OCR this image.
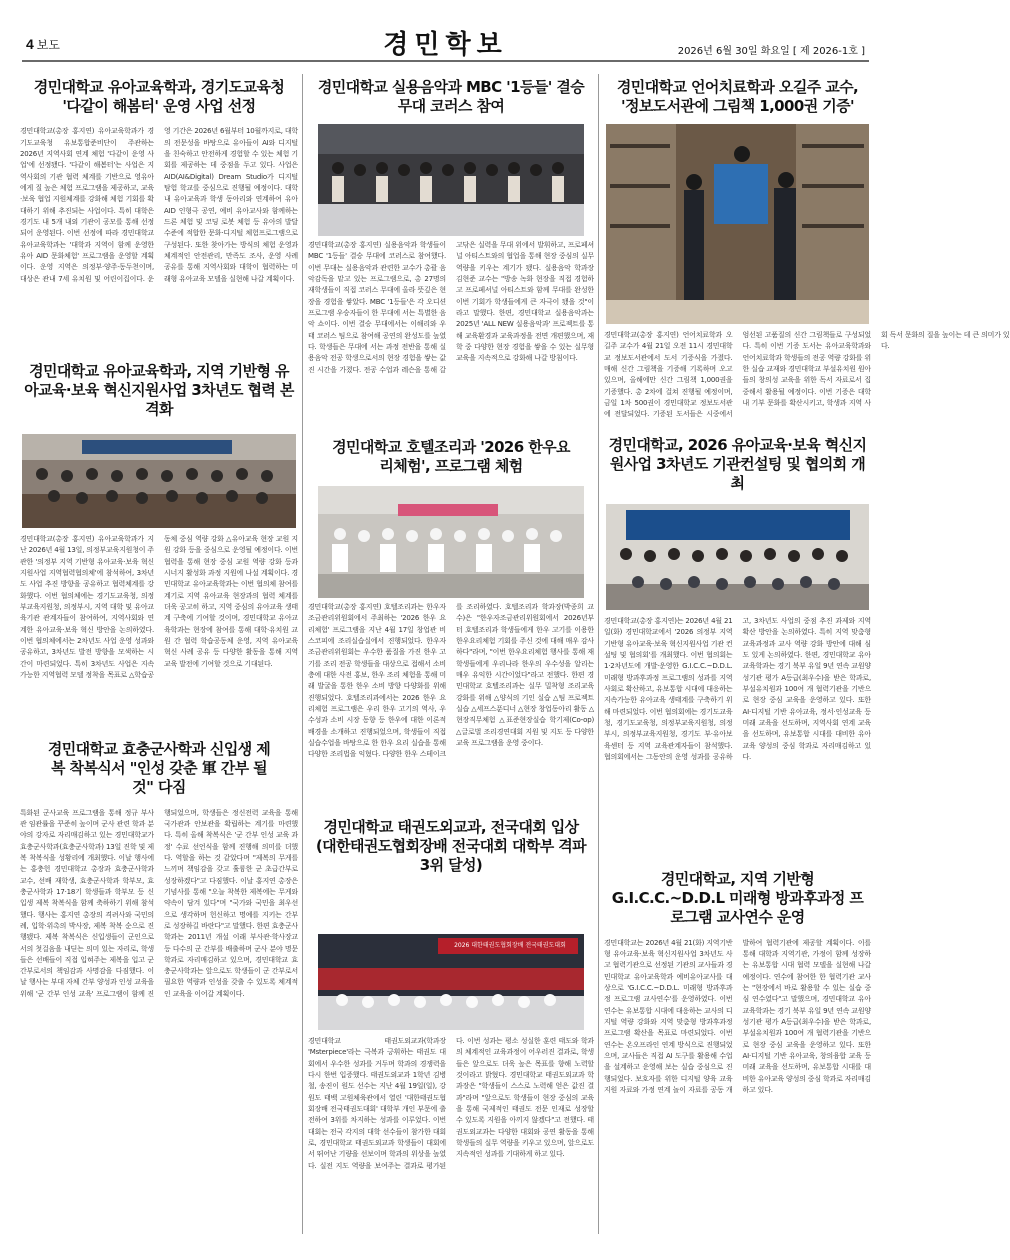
4 보도	경민학보	2026년 6월 30일 화요일 [ 제 2026-1호 ]
경민대학교 유아교육학과, 경기도교육청 '다같이 해봄터' 운영 사업 선정
경민대학교(총장 홍지연) 유아교육학과가 경기도교육청 유보통합준비단이 주관하는 2026년 지역사회 연계 체험 '다같이 운영 사업'에 선정됐다. '다같이 해봄터'는 사업은 지역사회의 기관 협력 체계를 기반으로 영유아에게 질 높은 체험 프로그램을 제공하고, 교육·보육 협업 지원체계를 강화해 체험 기회를 확대하기 위해 추진되는 사업이다. 특히 대학은 경기도 내 5개 내외 기관이 공모를 통해 선정되어 운영된다. 이번 선정에 따라 경민대학교 유아교육학과는 '대학과 지역이 함께 운영한 유아 AID 문화체험' 프로그램을 운영할 계획이다. 운영 지역은 의정부·양주·동두천이며, 대상은 관내 7세 유치원 및 어린이집이다. 운영 기간은 2026년 6월부터 10월까지로, 대학의 전문성을 바탕으로 유아들이 AI와 디지털을 친숙하고 안전하게 경험할 수 있는 체험 기회를 제공하는 데 중점을 두고 있다. 사업은 AID(AI&Digital) Dream Studio가 디지털 탐험 학교를 중심으로 진행될 예정이다. 대학 내 유아교육과 학생 동아리와 연계하여 유아 AID 인형극 공연, 예비 유아교사와 함께하는 드론 체험 및 코딩 로봇 체험 등 유아의 발달 수준에 적합한 문화·디지털 체험프로그램으로 구성된다. 또한 찾아가는 방식의 체험 운영과 체계적인 안전관리, 만족도 조사, 운영 사례 공유를 통해 지역사회와 대학이 협력하는 미래형 유아교육 모델을 실현해 나갈 계획이다.
경민대학교 유아교육학과, 지역 기반형 유아교육·보육 혁신지원사업 3차년도 협력 본격화
경민대학교(총장 홍지연) 유아교육학과가 지난 2026년 4월 13일, 의정부교육지원청이 주관한 '의정부 지역 기반형 유아교육·보육 혁신지원사업 지역협력협의체'에 참석하여, 3차년도 사업 추진 방향을 공유하고 협력체계를 강화했다. 이번 협의체에는 경기도교육청, 의정부교육지원청, 의정부시, 지역 대학 및 유아교육기관 관계자들이 참여하여, 지역사회와 연계한 유아교육·보육 혁신 방안을 논의하였다. 이번 협의체에서는 2차년도 사업 운영 성과와 공유하고, 3차년도 발전 방향을 모색하는 시간이 마련되었다. 특히 3차년도 사업은 지속가능한 지역협력 모델 정착을 목표로 △학습공동체 중심 역량 강화 △유아교육 현장 교원 지원 강화 등을 중심으로 운영될 예정이다. 이번 협력을 통해 현장 중심 교원 역량 강화 등과 시너지 활성화 과정 지원에 나설 계획이다. 경민대학교 유아교육학과는 이번 협의체 참여를 계기로 지역 유아교육 현장과의 협력 체계를 더욱 공고히 하고, 지역 중심의 유아교육 생태계 구축에 기여할 것이며, 경민대학교 유아교육학과는 현장에 참여를 통해 대학·유치원 교원 간 협력 학습공동체 운영, 지역 유아교육 혁신 사례 공유 등 다양한 활동을 통해 지역 교육 발전에 기여할 것으로 기대된다.
경민대학교 효충군사학과 신입생 제복 착복식서 "인성 갖춘 軍 간부 될 것" 다짐
특화된 군사교육 프로그램을 통해 정규 부사관 임관률을 꾸준히 높이며 군사 관련 학과 분야의 강자로 자리매김하고 있는 경민대학교가 효충군사학과(효충군사학과) 13일 진학 및 제복 착복식을 성황리에 개최했다. 이날 행사에는 홍충헌 경민대학교 총장과 효충군사학과 교수, 선배 재학생, 효충군사학과 학부모, 효충군사학과 17·18기 학생들과 학부모 등 신입생 제복 착복식을 함께 축하하기 위해 참석했다. 행사는 홍지연 총장의 격려사와 국민의례, 입학·위촉의 박사장, 제복 착복 순으로 진행됐다. 제복 착복식은 신입생들이 군인으로서의 첫걸음을 내딛는 의미 있는 자리로, 학생들은 선배들이 직접 입혀주는 제복을 입고 군 간부로서의 책임감과 사명감을 다짐했다. 이날 행사는 부대 자체 간부 양성과 인성 교육을 위해 '군 간부 인성 교육' 프로그램이 함께 진행되었으며, 학생들은 정신전력 교육을 통해 국가관과 안보관을 확립하는 계기를 마련했다. 특히 올해 착복식은 '군 간부 인성 교육 과정' 수료 선언식을 함께 진행해 의미를 더했다. 역할을 하는 것 같았다며 "제복의 무게를 느끼며 책임감을 갖고 훌륭한 군 초급간부로 성장하겠다"고 다짐했다. 이날 홍지연 총장은 기념사를 통해 "오늘 착복한 제복에는 무게와 약속이 담겨 있다"며 "국가와 국민을 최우선으로 생각하며 헌신하고 명예를 지키는 간부로 성장하길 바란다"고 말했다. 한편 효충군사학과는 2011년 개설 이래 부사관·학사장교 등 다수의 군 간부를 배출하며 군사 분야 명문 학과로 자리매김하고 있으며, 경민대학교 효충군사학과는 앞으로도 학생들이 군 간부로서 필요한 역량과 인성을 갖출 수 있도록 체계적인 교육을 이어갈 계획이다.
경민대학교 실용음악과 MBC '1등들' 결승 무대 코러스 참여
경민대학교(총장 홍지연) 실용음악과 학생들이 MBC '1등들' 결승 무대에 코러스로 참여했다. 이번 무대는 실용음악과 관련한 교수가 총괄 음악감독을 맡고 있는 프로그램으로, 총 27명의 재학생들이 직접 코러스 무대에 올라 뜻깊은 현장을 경험을 쌓았다. MBC '1등들'은 각 오디션 프로그램 우승자들이 한 무대에 서는 특별한 음악 쇼이다. 이번 결승 무대에서는 이해리와 우태 코러스 팀으로 참여해 공연의 완성도를 높였다. 학생들은 무대에 서는 과정 전반을 통해 실용음악 전공 학생으로서의 현장 경험을 쌓는 값진 시간을 가졌다. 전공 수업과 레슨을 통해 갈고닦은 실력을 무대 위에서 발휘하고, 프로페셔널 아티스트와의 협업을 통해 현장 중심의 실무 역량을 키우는 계기가 됐다. 실용음악 학과장 김현준 교수는 "방송 녹화 현장을 직접 경험하고 프로페셔널 아티스트와 함께 무대를 완성한 이번 기회가 학생들에게 큰 자극이 됐을 것"이라고 말했다. 한편, 경민대학교 실용음악과는 2025년 'ALL NEW 실용음악과' 프로젝트를 통해 교육환경과 교육과정을 전면 개편했으며, 재학 중 다양한 현장 경험을 쌓을 수 있는 실무형 교육을 지속적으로 강화해 나갈 방침이다.
경민대학교 호텔조리과 '2026 한우요리체험', 프로그램 체험
경민대학교(총장 홍지연) 호텔조리과는 한우자조금관리위원회에서 주최하는 '2026 한우 요리체험' 프로그램을 지난 4월 17일 창업관 비스코피에 조리실습실에서 진행되었다. 한우자조금관리위원회는 우수한 품질을 가진 한우 고기를 조리 전공 학생들을 대상으로 접해서 소비층에 대한 사전 홍보, 한우 조리 체험을 통해 미래 발굴을 통한 한우 소비 방향 다양화를 위해 진행되었다. 호텔조리과에서는 2026 한우 요리체험 프로그램은 우리 한우 고기의 역사, 우수성과 소비 시장 동향 등 한우에 대한 이론적 배경을 소개하고 진행되었으며, 학생들이 직접 실습수업을 바탕으로 한 한우 요리 실습을 통해 다양한 조리법을 익혔다. 다양한 한우 스테이크를 조리하였다. 호텔조리과 학과장(박종희 교수)은 "한우자조금관리위원회에서 2026년부터 호텔조리과 학생들에게 한우 고기를 이용한 한우요리체험 기회를 주신 것에 대해 매우 감사하다"라며, "이번 한우요리체험 행사를 통해 재학생들에게 우리나라 한우의 우수성을 알리는 매우 유익한 시간이었다"라고 전했다. 한편 경민대학교 호텔조리과는 실무 밀착형 조리교육 강화를 위해 △양식의 기인 실습 △팀 프로젝트 실습 △세프스푼디너 △현장 창업동아리 활동 △현장직무체험 △표준현장실습 학기제(Co-op) △글로벌 조리경연대회 지원 및 지도 등 다양한 교육 프로그램을 운영 중이다.
경민대학교 태권도외교과, 전국대회 입상 (대한태권도협회장배 전국대회 대학부 격파 3위 달성)
2026 대한태권도협회장배 전국태권도대회
경민대학교 태권도외교과(학과장 'Msterpiece'라는 극복과 긍휘하는 태권도 대회에서 우수한 성과를 거두며 학과의 경쟁력을 다시 한번 입증했다. 태권도외교과 1학년 김병철, 송진이 원도 선수는 지난 4월 19일(일), 강원도 태백 고원체육관에서 열린 '대한태권도협회장배 전국태권도대회' 대학부 개인 부문에 출전하여 3위를 차지하는 성과를 이루었다. 이번 대회는 전국 각지의 대학 선수들이 참가한 대회로, 경민대학교 태권도외교과 학생들이 대회에서 뛰어난 기량을 선보이며 학과의 위상을 높였다. 실전 지도 역량을 보여주는 결과로 평가된다. 이번 성과는 평소 성실한 훈련 태도와 학과의 체계적인 교육과정이 어우러진 결과로, 학생들은 앞으로도 더욱 높은 목표를 향해 노력할 것이라고 밝혔다. 경민대학교 태권도외교과 학과장은 "학생들이 스스로 노력해 얻은 값진 결과"라며 "앞으로도 학생들이 현장 중심의 교육을 통해 국제적인 태권도 전문 인재로 성장할 수 있도록 지원을 아끼지 않겠다"고 전했다. 태권도외교과는 다양한 대회와 공연 활동을 통해 학생들의 실무 역량을 키우고 있으며, 앞으로도 지속적인 성과를 기대하게 하고 있다.
경민대학교 언어치료학과 오길주 교수, '정보도서관에 그림책 1,000권 기증'
경민대학교(총장 홍지연) 언어치료학과 오길주 교수가 4월 21일 오전 11시 경민대학교 정보도서관에서 도서 기증식을 가졌다. 매해 신간 그림책을 기증해 기록하며 오고 있으며, 올해에만 신간 그림책 1,000권을 기증했다. 총 2차에 걸쳐 진행될 예정이며, 금일 1차 500권이 경민대학교 정보도서관에 전달되었다. 기증된 도서들은 시중에서 엄선된 고품질의 신간 그림책들로 구성되었다. 특히 이번 기증 도서는 유아교육학과와 언어치료학과 학생들의 전공 역량 강화를 위한 실습 교재와 경민대학교 부설유치원 원아들의 창의성 교육을 위한 독서 자료로서 집중해서 활용될 예정이다. 이번 기증은 대학 내 기부 문화를 확산시키고, 학생과 지역 사회 독서 문화의 질을 높이는 데 큰 의미가 있다.
경민대학교, 2026 유아교육·보육 혁신지원사업 3차년도 기관컨설팅 및 협의회 개최
경민대학교(총장 홍지연)는 2026년 4월 21일(화) 경민대학교에서 '2026 의정부 지역 기반형 유아교육·보육 혁신지원사업 기관 컨설팅 및 협의회'를 개최했다. 이번 협의회는 1·2차년도에 개발·운영한 G.I.C.C.~D.D.L. 미래형 방과후과정 프로그램의 성과를 지역사회로 확산하고, 유보통합 시대에 대응하는 지속가능한 유아교육 생태계를 구축하기 위해 마련되었다. 이번 협의회에는 경기도교육청, 경기도교육청, 의정부교육지원청, 의정부시, 의정부교육지원청, 경기도 부·유아보육센터 등 지역 교육관계자들이 참석했다. 협의회에서는 그동안의 운영 성과를 공유하고, 3차년도 사업의 중점 추진 과제와 지역 확산 방안을 논의하였다. 특히 지역 맞춤형 교육과정과 교사 역량 강화 방안에 대해 심도 있게 논의하였다. 한편, 경민대학교 유아교육학과는 경기 북부 유일 9년 연속 교원양성기관 평가 A등급(최우수)을 받은 학과로, 부설유치원과 100여 개 협력기관을 기반으로 현장 중심 교육을 운영하고 있다. 또한 AI·디지털 기반 유아교육, 정서·인성교육 등 미래 교육을 선도하며, 지역사회 연계 교육을 선도하며, 유보통합 시대를 대비한 유아교육 양성의 중심 학과로 자리매김하고 있다.
경민대학교, 지역 기반형 G.I.C.C.~D.D.L 미래형 방과후과정 프로그램 교사연수 운영
경민대학교는 2026년 4월 21(화) 지역기반형 유아교육·보육 혁신지원사업 3차년도 사고 협력기관으로 선정된 기관의 교사들과 경민대학교 유아교육학과 예비유아교사를 대상으로 'G.I.C.C.~D.D.L. 미래형 방과후과정 프로그램 교사연수'를 운영하였다. 이번 연수는 유보통합 시대에 대응하는 교사의 디지털 역량 강화와 지역 맞춤형 방과후과정 프로그램 확산을 목표로 마련되었다. 이번 연수는 온오프라인 연계 방식으로 진행되었으며, 교사들은 직접 AI 도구를 활용해 수업을 설계하고 운영해 보는 실습 중심으로 진행되었다. 보호자를 위한 디지털 양육 교육 지원 자료와 가정 연계 놀이 자료를 공동 개발하여 협력기관에 제공할 계획이다. 이를 통해 대학과 지역기관, 가정이 함께 성장하는 유보통합 시대 협력 모델을 실현해 나갈 예정이다. 연수에 참여한 한 협력기관 교사는 "현장에서 바로 활용할 수 있는 실습 중심 연수였다"고 말했으며, 경민대학교 유아교육학과는 경기 북부 유일 9년 연속 교원양성기관 평가 A등급(최우수)을 받은 학과로, 부설유치원과 100여 개 협력기관을 기반으로 현장 중심 교육을 운영하고 있다. 또한 AI·디지털 기반 유아교육, 창의융합 교육 등 미래 교육을 선도하며, 유보통합 시대를 대비한 유아교육 양성의 중심 학과로 자리매김하고 있다.
